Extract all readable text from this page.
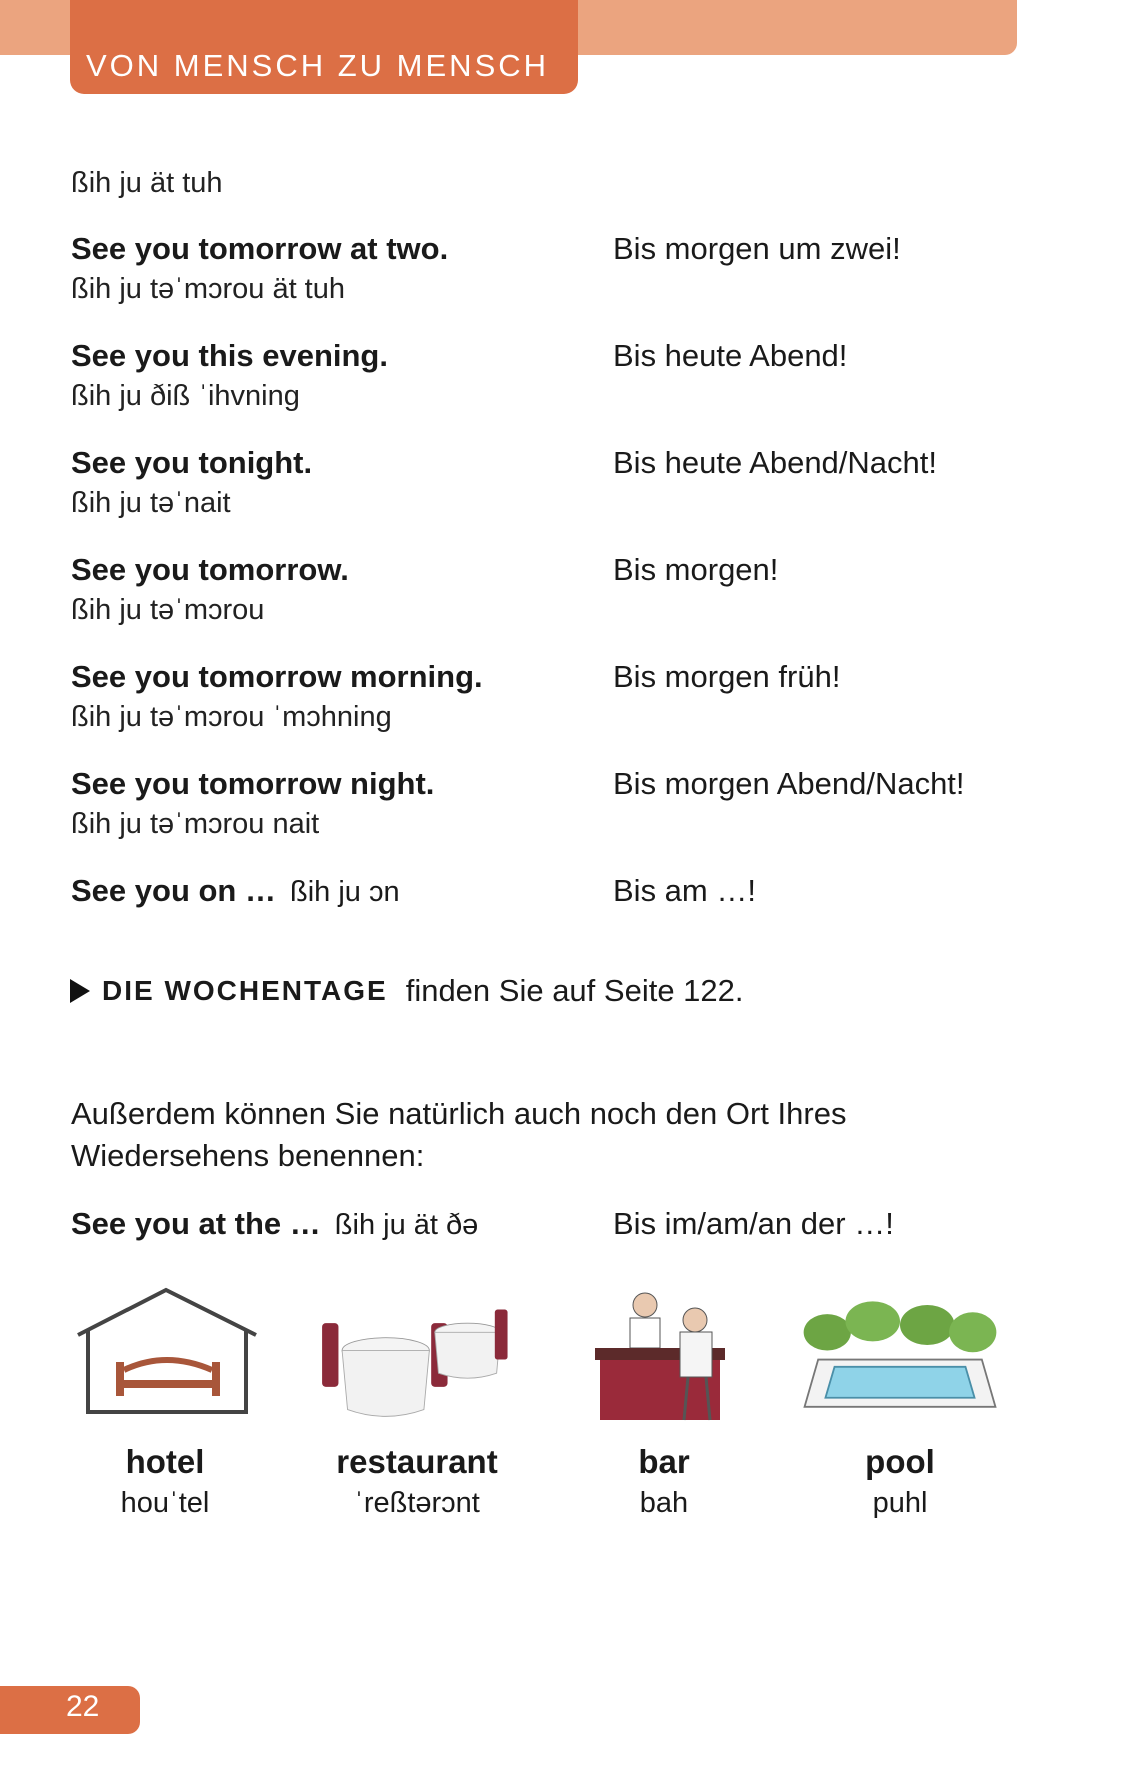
VON MENSCH ZU MENSCH
ßih ju ät tuh
See you tomorrow at two.
ßih ju təˈmɔrou ät tuh
Bis morgen um zwei!
See you this evening.
ßih ju ðiß ˈihvning
Bis heute Abend!
See you tonight.
ßih ju təˈnait
Bis heute Abend/Nacht!
See you tomorrow.
ßih ju təˈmɔrou
Bis morgen!
See you tomorrow morning.
ßih ju təˈmɔrou ˈmɔhning
Bis morgen früh!
See you tomorrow night.
ßih ju təˈmɔrou nait
Bis morgen Abend/Nacht!
See you on … ßih ju ɔn	Bis am …!
DIE WOCHENTAGE finden Sie auf Seite 122.
Außerdem können Sie natürlich auch noch den Ort Ihres Wiedersehens benennen:
See you at the … ßih ju ät ðə	Bis im/am/an der …!
hotel
houˈtel
restaurant
ˈreßtərɔnt
bar
bah
pool
puhl
22
